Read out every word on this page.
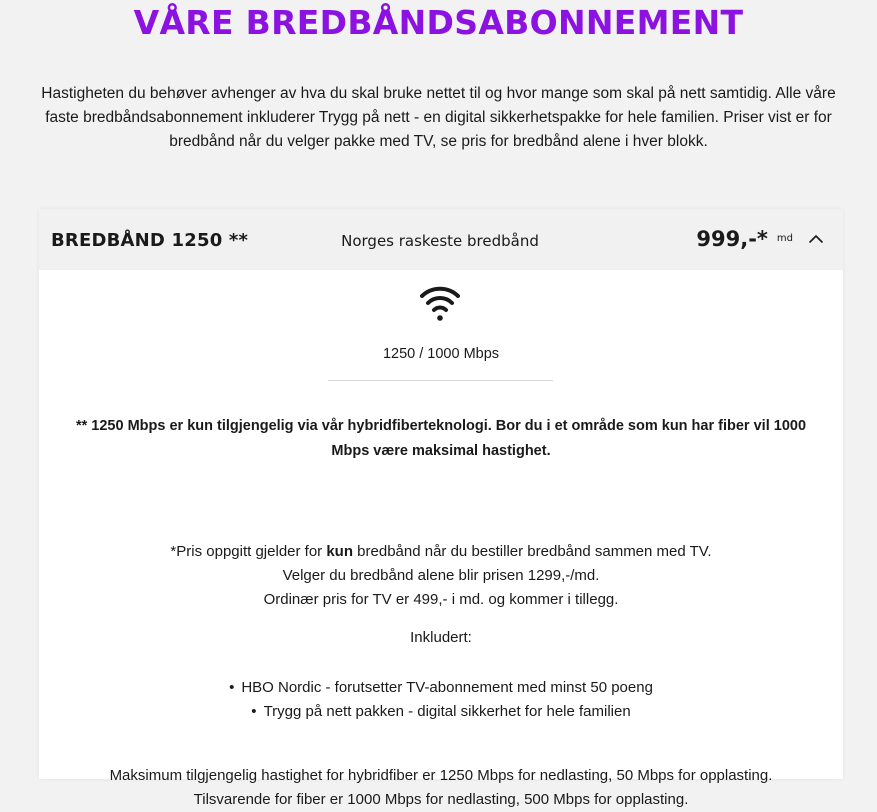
VÅRE BREDBÅNDSABONNEMENT

Hastigheten du behøver avhenger av hva du skal bruke nettet til og hvor mange som skal på nett samtidig. Alle våre faste bredbåndsabonnement inkluderer Trygg på nett - en digital sikkerhetspakke for hele familien. Priser vist er for bredbånd når du velger pakke med TV, se pris for bredbånd alene i hver blokk.

BREDBÅND 1250 **	Norges raskeste bredbånd	999,-* md
1250 / 1000 Mbps
** 1250 Mbps er kun tilgjengelig via vår hybridfiberteknologi. Bor du i et område som kun har fiber vil 1000 Mbps være maksimal hastighet.
*Pris oppgitt gjelder for kun bredbånd når du bestiller bredbånd sammen med TV.
Velger du bredbånd alene blir prisen 1299,-/md.
Ordinær pris for TV er 499,- i md. og kommer i tillegg.
Inkludert:
• HBO Nordic - forutsetter TV-abonnement med minst 50 poeng
• Trygg på nett pakken - digital sikkerhet for hele familien
Maksimum tilgjengelig hastighet for hybridfiber er 1250 Mbps for nedlasting, 50 Mbps for opplasting.
Tilsvarende for fiber er 1000 Mbps for nedlasting, 500 Mbps for opplasting.
